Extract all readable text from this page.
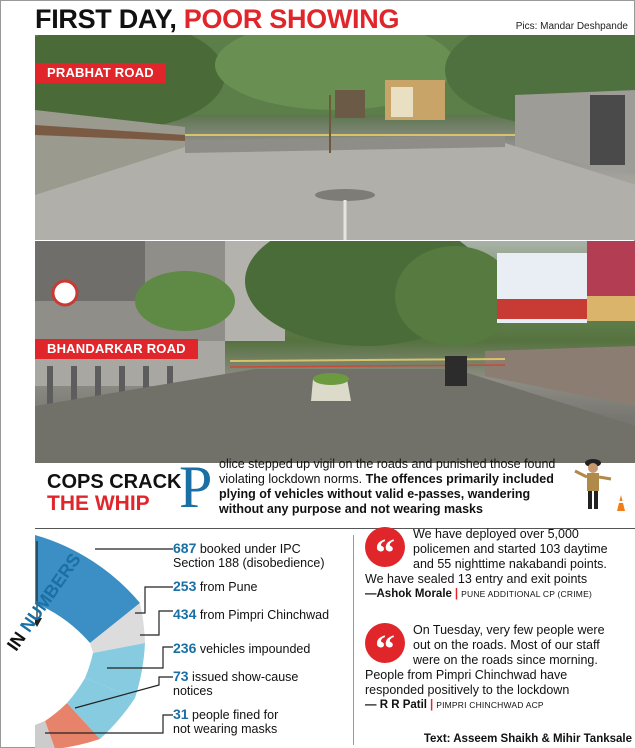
FIRST DAY, POOR SHOWING	Pics: Mandar Deshpande
PRABHAT ROAD
BHANDARKAR ROAD
COPS CRACK
THE WHIP P olice stepped up vigil on the roads and punished those found violating lockdown norms. The offences primarily included plying of vehicles without valid e-passes, wandering without any purpose and not wearing masks
IN NUMBERS
687 booked under IPC
Section 188 (disobedience)
253 from Pune
434 from Pimpri Chinchwad
236 vehicles impounded
73 issued show-cause
notices
31 people fined for
not wearing masks
“	We have deployed over 5,000
policemen and started 103 daytime
and 55 nighttime nakabandi points.
We have sealed 13 entry and exit points
—Ashok Morale | PUNE ADDITIONAL CP (CRIME)
“	On Tuesday, very few people were
out on the roads. Most of our staff
were on the roads since morning.
People from Pimpri Chinchwad have
responded positively to the lockdown
— R R Patil | PIMPRI CHINCHWAD ACP
Text: Asseem Shaikh & Mihir Tanksale
